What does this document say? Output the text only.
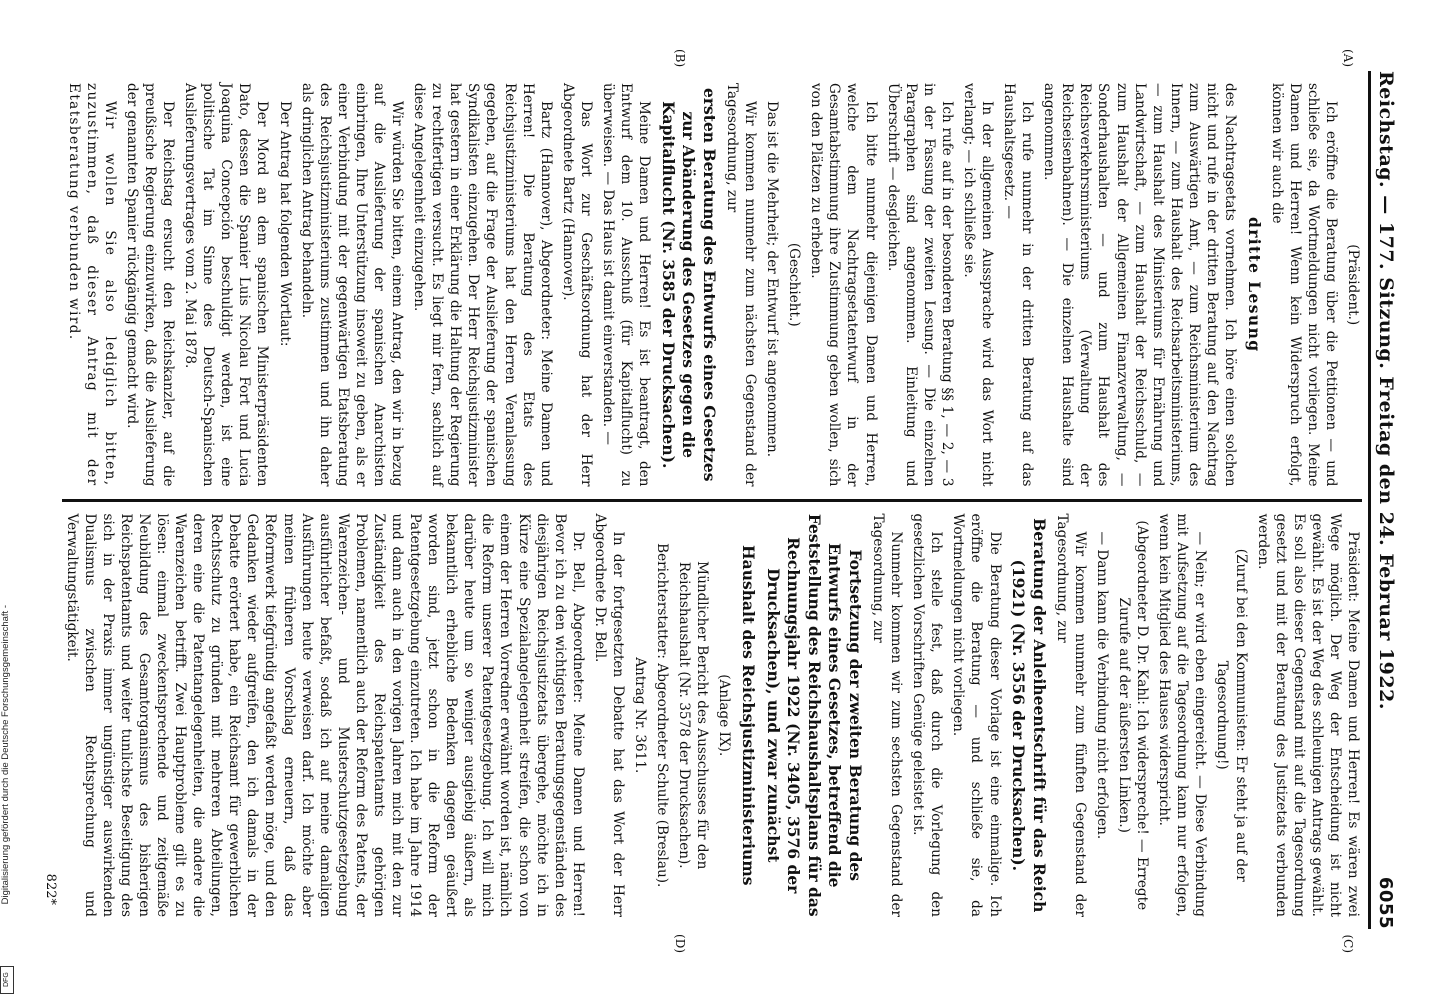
Reichstag. — 177. Sitzung. Freitag den 24. Februar 1922.
6055
(A)
(B)
(C)
(D)

(Präsident.)

Ich eröffne die Beratung über die Petitionen — und schließe sie, da Wortmeldungen nicht vorliegen. Meine Damen und Herren! Wenn kein Widerspruch erfolgt, können wir auch die

dritte Lesung

des Nachtragsetats vornehmen. Ich höre einen solchen nicht und rufe in der dritten Beratung auf den Nachtrag zum Auswärtigen Amt, — zum Reichsministerium des Innern, — zum Haushalt des Reichsarbeitsministeriums, — zum Haushalt des Ministeriums für Ernährung und Landwirtschaft, — zum Haushalt der Reichsschuld, — zum Haushalt der Allgemeinen Finanzverwaltung, — Sonderhaushalten — und zum Haushalt des Reichsverkehrsministeriums (Verwaltung der Reichseisenbahnen). — Die einzelnen Haushalte sind angenommen.

Ich rufe nunmehr in der dritten Beratung auf das Haushaltsgesetz. —

In der allgemeinen Aussprache wird das Wort nicht verlangt; — ich schließe sie.

Ich rufe auf in der besonderen Beratung §§ 1, — 2, — 3 in der Fassung der zweiten Lesung. — Die einzelnen Paragraphen sind angenommen. Einleitung und Überschrift — desgleichen.

Ich bitte nunmehr diejenigen Damen und Herren, welche dem Nachtragsetatentwurf in der Gesamtabstimmung ihre Zustimmung geben wollen, sich von den Plätzen zu erheben.

(Geschieht.)

Das ist die Mehrheit; der Entwurf ist angenommen.

Wir kommen nunmehr zum nächsten Gegenstand der Tagesordnung, zur

ersten Beratung des Entwurfs eines Gesetzes zur Abänderung des Gesetzes gegen die Kapitalflucht (Nr. 3585 der Drucksachen).

Meine Damen und Herren! Es ist beantragt, den Entwurf dem 10. Ausschuß (für Kapitalflucht) zu überweisen. — Das Haus ist damit einverstanden. —

Das Wort zur Geschäftsordnung hat der Herr Abgeordnete Bartz (Hannover).

Bartz (Hannover), Abgeordneter: Meine Damen und Herren! Die Beratung des Etats des Reichsjustizministeriums hat den Herren Veranlassung gegeben, auf die Frage der Auslieferung der spanischen Syndikalisten einzugehen. Der Herr Reichsjustizminister hat gestern in einer Erklärung die Haltung der Regierung zu rechtfertigen versucht. Es liegt mir fern, sachlich auf diese Angelegenheit einzugehen.

Wir würden Sie bitten, einem Antrag, den wir in bezug auf die Auslieferung der spanischen Anarchisten einbringen, Ihre Unterstützung insoweit zu geben, als er einer Verbindung mit der gegenwärtigen Etatsberatung des Reichsjustizministeriums zustimmen und ihn daher als dringlichen Antrag behandeln.

Der Antrag hat folgenden Wortlaut:

Der Mord an dem spanischen Ministerpräsidenten Dato, dessen die Spanier Luis Nicolau Fort und Lucia Joaquina Concepción beschuldigt werden, ist eine politische Tat im Sinne des Deutsch-Spanischen Auslieferungsvertrages vom 2. Mai 1878.

Der Reichstag ersucht den Reichskanzler, auf die preußische Regierung einzuwirken, daß die Auslieferung der genannten Spanier rückgängig gemacht wird.

Wir wollen Sie also lediglich bitten, zuzustimmen, daß dieser Antrag mit der Etatsberatung verbunden wird.

Präsident: Meine Damen und Herren! Es wären zwei Wege möglich. Der Weg der Entscheidung ist nicht gewählt. Es ist der Weg des schleunigen Antrags gewählt. Es soll also dieser Gegenstand mit auf die Tagesordnung gesetzt und mit der Beratung des Justizetats verbunden werden.

(Zuruf bei den Kommunisten: Er steht ja auf der Tagesordnung!)

— Nein; er wird eben eingereicht. — Diese Verbindung mit Aufsetzung auf die Tagesordnung kann nur erfolgen, wenn kein Mitglied des Hauses widerspricht.

(Abgeordneter D. Dr. Kahl: Ich widerspreche! — Erregte Zurufe auf der äußersten Linken.)

— Dann kann die Verbindung nicht erfolgen.

Wir kommen nunmehr zum fünften Gegenstand der Tagesordnung, zur

Beratung der Anleiheentschrift für das Reich (1921) (Nr. 3556 der Drucksachen).

Die Beratung dieser Vorlage ist eine einmalige. Ich eröffne die Beratung — und schließe sie, da Wortmeldungen nicht vorliegen.

Ich stelle fest, daß durch die Vorlegung den gesetzlichen Vorschriften Genüge geleistet ist.

Nunmehr kommen wir zum sechsten Gegenstand der Tagesordnung, zur

Fortsetzung der zweiten Beratung des Entwurfs eines Gesetzes, betreffend die Feststellung des Reichshaushaltsplans für das Rechnungsjahr 1922 (Nr. 3405, 3576 der Drucksachen), und zwar zunächst

Haushalt des Reichsjustizministeriums

(Anlage IX).

Mündlicher Bericht des Ausschusses für den Reichshaushalt (Nr. 3578 der Drucksachen).

Berichterstatter: Abgeordneter Schulte (Breslau).

Antrag Nr. 3611.

In der fortgesetzten Debatte hat das Wort der Herr Abgeordnete Dr. Bell.

Dr. Bell, Abgeordneter: Meine Damen und Herren! Bevor ich zu den wichtigsten Beratungsgegenständen des diesjährigen Reichsjustizetats übergehe, möchte ich in Kürze eine Spezialangelegenheit streifen, die schon von einem der Herren Vorredner erwähnt worden ist, nämlich die Reform unserer Patentgesetzgebung. Ich will mich darüber heute um so weniger ausgiebig äußern, als bekanntlich erhebliche Bedenken dagegen geäußert worden sind, jetzt schon in die Reform der Patentgesetzgebung einzutreten. Ich habe im Jahre 1914 und dann auch in den vorigen Jahren mich mit den zur Zuständigkeit des Reichspatentamts gehörigen Problemen, namentlich auch der Reform des Patents, der Warenzeichen- und Musterschutzgesetzgebung ausführlicher befaßt, sodaß ich auf meine damaligen Ausführungen heute verweisen darf. Ich möchte aber meinen früheren Vorschlag erneuern, daß das Reformwerk tiefgründig angefaßt werden möge, und den Gedanken wieder aufgreifen, den ich damals in der Debatte erörtert habe, ein Reichsamt für gewerblichen Rechtsschutz zu gründen mit mehreren Abteilungen, deren eine die Patentangelegenheiten, die andere die Warenzeichen betrifft. Zwei Hauptprobleme gilt es zu lösen: einmal zweckentsprechende und zeitgemäße Neubildung des Gesamtorganismus des bisherigen Reichspatentamts und weiter tunlichste Beseitigung des sich in der Praxis immer ungünstiger auswirkenden Dualismus zwischen Rechtsprechung und Verwaltungstätigkeit.

822*
Digitalisierung gefördert durch die Deutsche Forschungsgemeinschaft -
DFG
